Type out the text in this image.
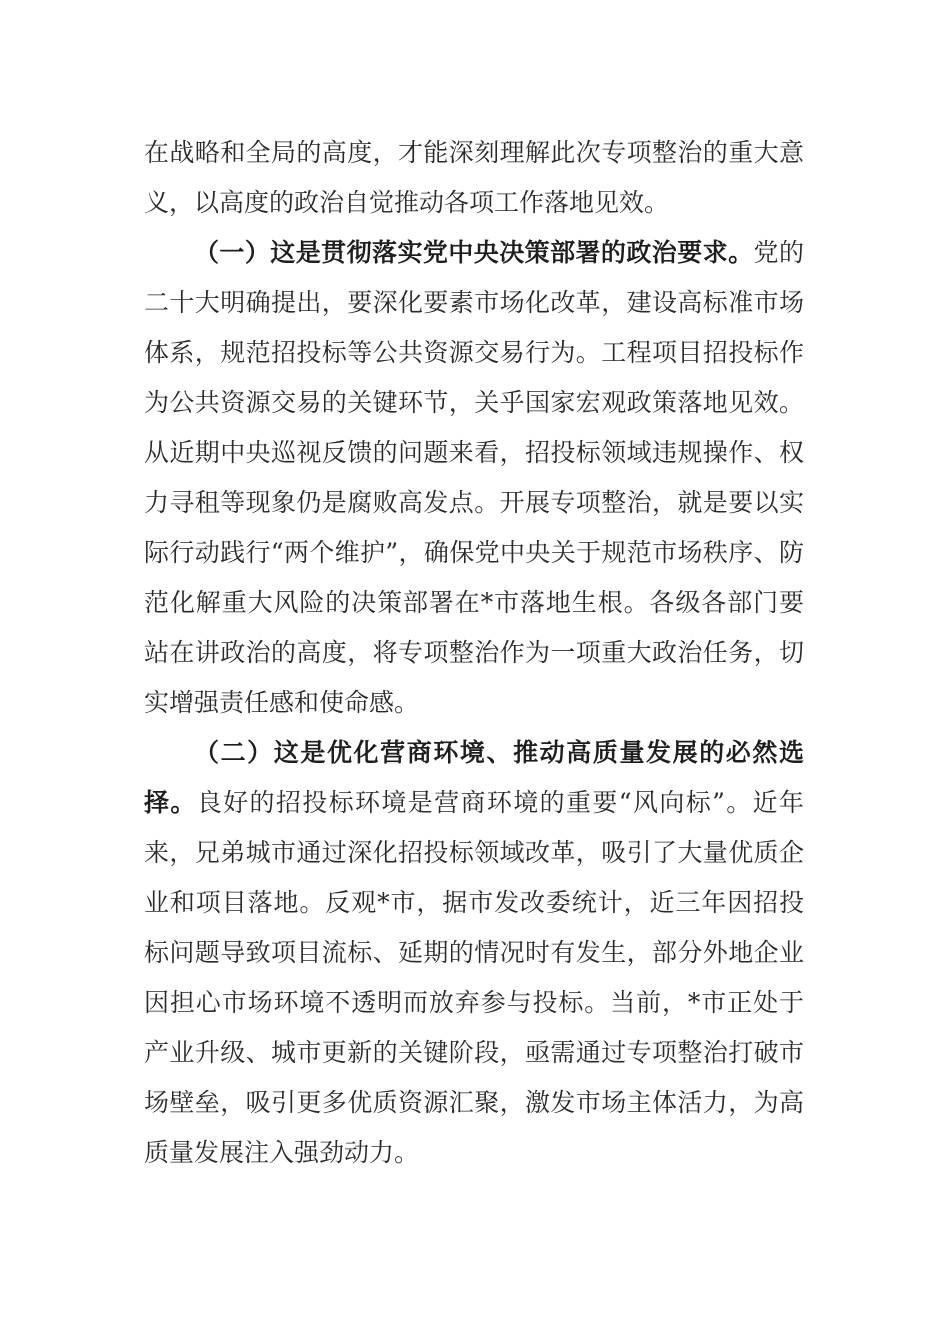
在战略和全局的高度，才能深刻理解此次专项整治的重大意义，以高度的政治自觉推动各项工作落地见效。

（一）这是贯彻落实党中央决策部署的政治要求。党的二十大明确提出，要深化要素市场化改革，建设高标准市场体系，规范招投标等公共资源交易行为。工程项目招投标作为公共资源交易的关键环节，关乎国家宏观政策落地见效。从近期中央巡视反馈的问题来看，招投标领域违规操作、权力寻租等现象仍是腐败高发点。开展专项整治，就是要以实际行动践行“两个维护”，确保党中央关于规范市场秩序、防范化解重大风险的决策部署在*市落地生根。各级各部门要站在讲政治的高度，将专项整治作为一项重大政治任务，切实增强责任感和使命感。

（二）这是优化营商环境、推动高质量发展的必然选择。良好的招投标环境是营商环境的重要“风向标”。近年来，兄弟城市通过深化招投标领域改革，吸引了大量优质企业和项目落地。反观*市，据市发改委统计，近三年因招投标问题导致项目流标、延期的情况时有发生，部分外地企业因担心市场环境不透明而放弃参与投标。当前，*市正处于产业升级、城市更新的关键阶段，亟需通过专项整治打破市场壁垒，吸引更多优质资源汇聚，激发市场主体活力，为高质量发展注入强劲动力。
